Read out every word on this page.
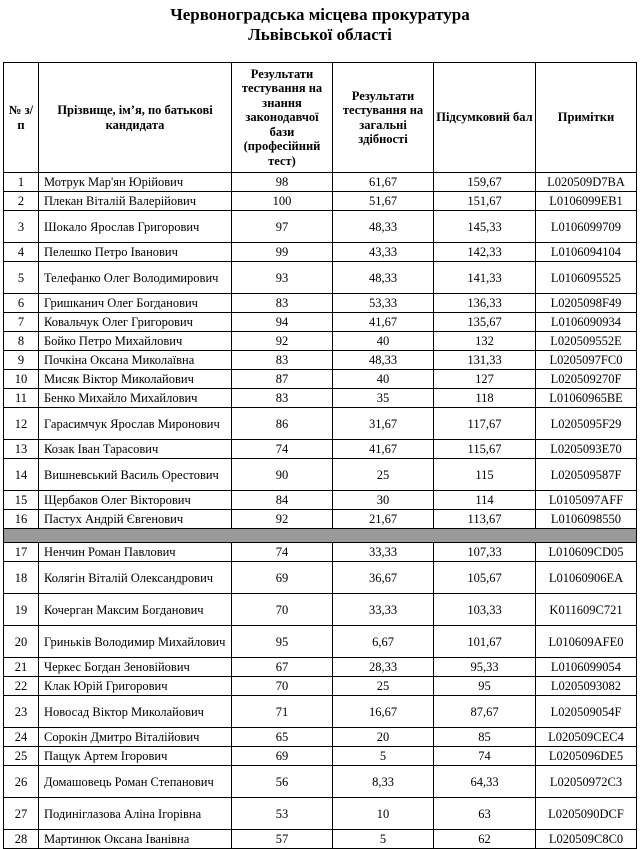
Червоноградська місцева прокуратура
Львівської області
№ з/п	Прізвище, ім’я, по батькові кандидата	Результати тестування на знання законодавчої бази (професійний тест)	Результати тестування на загальні здібності	Підсумковий бал	Примітки
1	Мотрук Мар'ян Юрійович	98	61,67	159,67	L020509D7BA
2	Плекан Віталій Валерійович	100	51,67	151,67	L0106099EB1
3	Шокало Ярослав Григорович	97	48,33	145,33	L0106099709
4	Пелешко Петро Іванович	99	43,33	142,33	L0106094104
5	Телефанко Олег Володимирович	93	48,33	141,33	L0106095525
6	Гришканич Олег Богданович	83	53,33	136,33	L0205098F49
7	Ковальчук Олег Григорович	94	41,67	135,67	L0106090934
8	Бойко Петро Михайлович	92	40	132	L020509552E
9	Почкіна Оксана Миколаївна	83	48,33	131,33	L0205097FC0
10	Мисяк Віктор Миколайович	87	40	127	L020509270F
11	Бенко Михайло Михайлович	83	35	118	L01060965BE
12	Гарасимчук Ярослав Миронович	86	31,67	117,67	L0205095F29
13	Козак Іван Тарасович	74	41,67	115,67	L0205093E70
14	Вишневський Василь Орестович	90	25	115	L020509587F
15	Щербаков Олег Вікторович	84	30	114	L0105097AFF
16	Пастух Андрій Євгенович	92	21,67	113,67	L0106098550

17	Ненчин Роман Павлович	74	33,33	107,33	L010609CD05
18	Колягін Віталій Олександрович	69	36,67	105,67	L01060906EA
19	Кочерган Максим Богданович	70	33,33	103,33	K011609C721
20	Гриньків Володимир Михайлович	95	6,67	101,67	L010609AFE0
21	Черкес Богдан Зеновійович	67	28,33	95,33	L0106099054
22	Клак Юрій Григорович	70	25	95	L0205093082
23	Новосад Віктор Миколайович	71	16,67	87,67	L020509054F
24	Сорокін Дмитро Віталійович	65	20	85	L020509CEC4
25	Пащук Артем Ігорович	69	5	74	L0205096DE5
26	Домашовець Роман Степанович	56	8,33	64,33	L02050972C3
27	Подиніглазова Аліна Ігорівна	53	10	63	L0205090DCF
28	Мартинюк Оксана Іванівна	57	5	62	L020509C8C0
